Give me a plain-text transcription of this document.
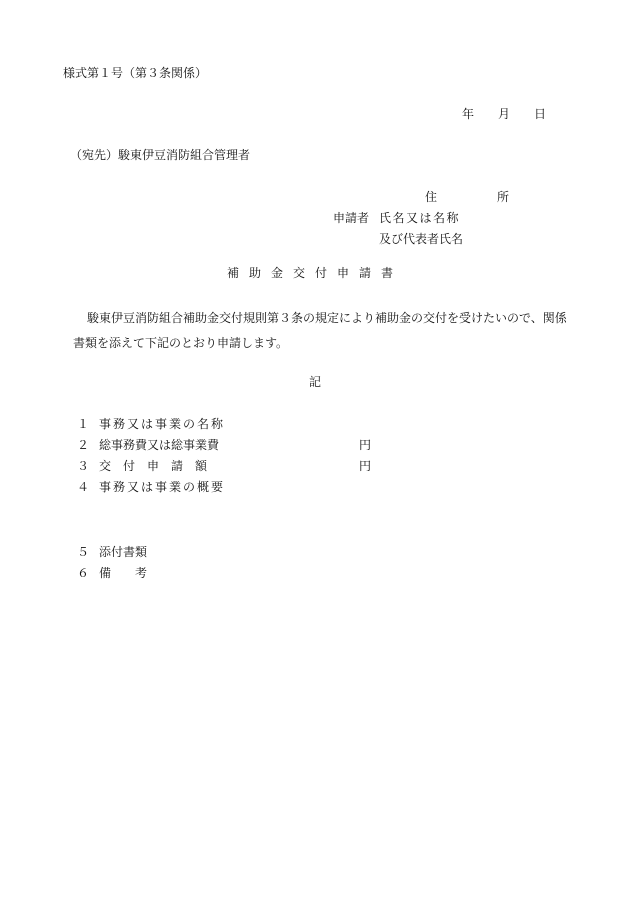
様式第１号（第３条関係）
年 月 日
（宛先）駿東伊豆消防組合管理者
住	所
申請者 氏名又は名称
及び代表者氏名
補助金交付申請書
駿東伊豆消防組合補助金交付規則第３条の規定により補助金の交付を受けたいので、関係書類を添えて下記のとおり申請します。
記
１ 事務又は事業の名称
２ 総事務費又は総事業費	円
３ 交　付　申　請　額	円
４ 事務又は事業の概要
５ 添付書類
６ 備　　考
